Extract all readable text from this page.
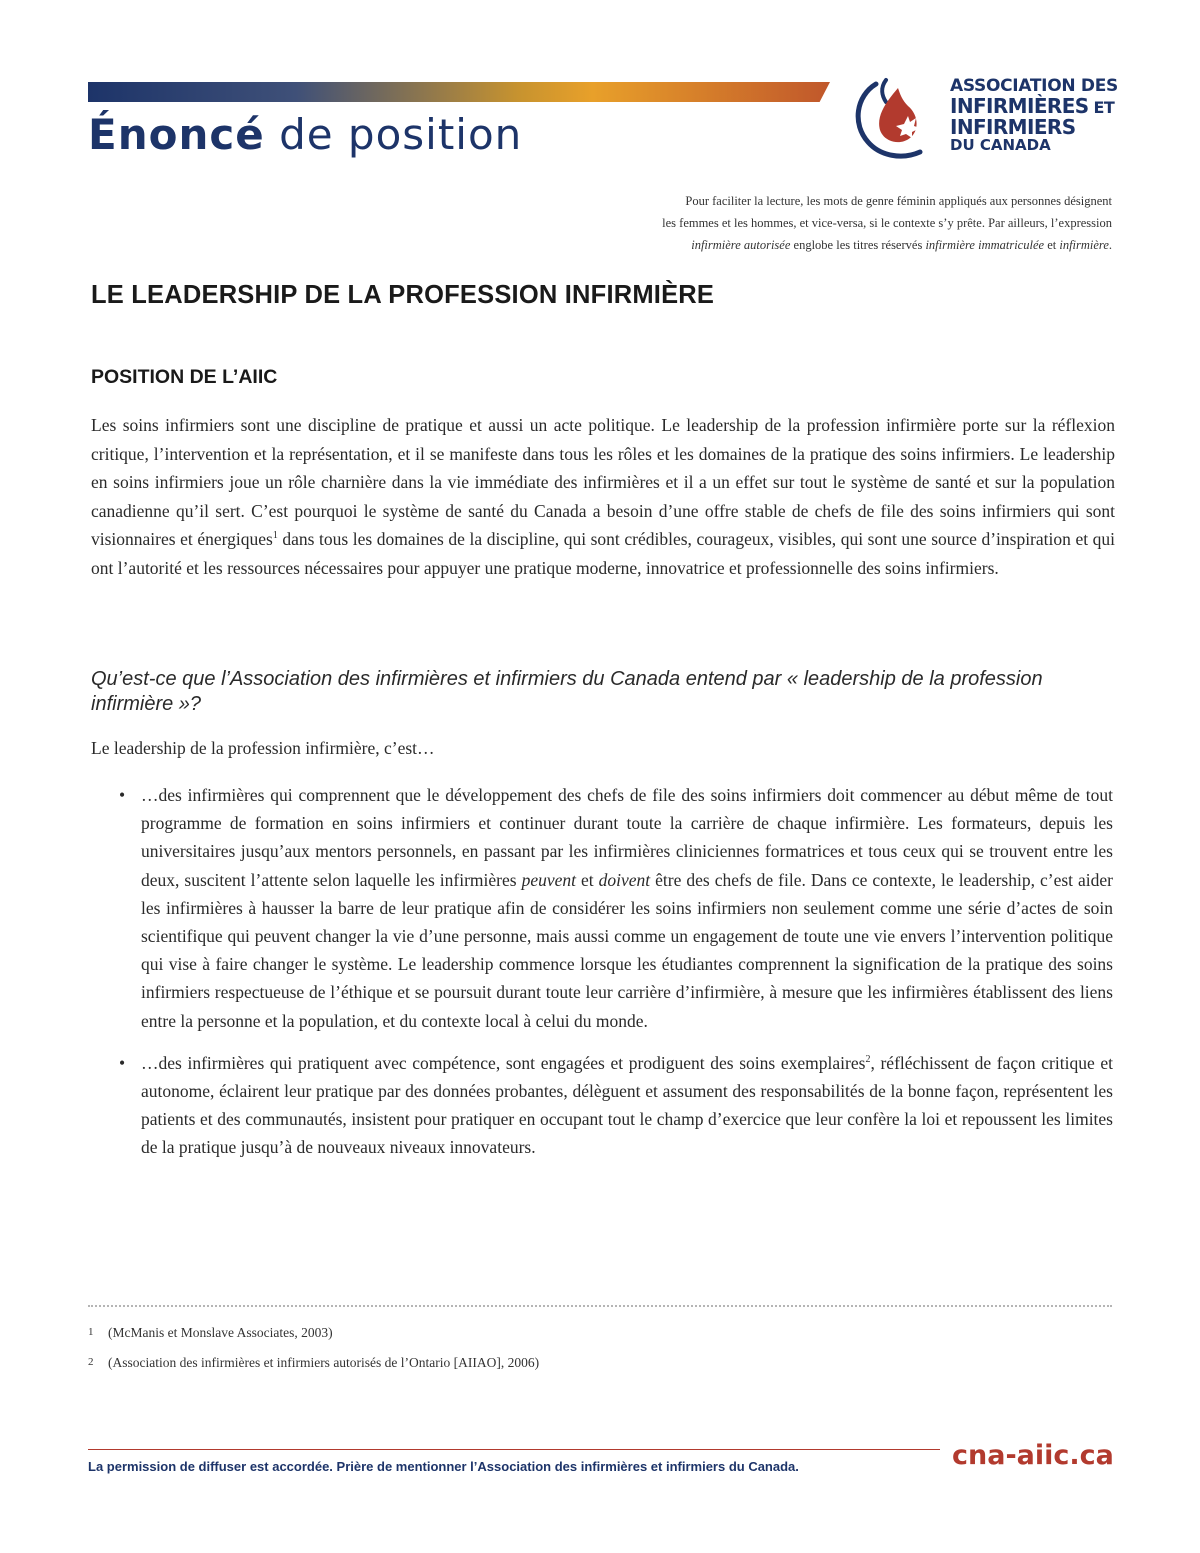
Énoncé de position
ASSOCIATION DES
INFIRMIÈRES ET
INFIRMIERS
DU CANADA
Pour faciliter la lecture, les mots de genre féminin appliqués aux personnes désignent
les femmes et les hommes, et vice-versa, si le contexte s’y prête. Par ailleurs, l’expression
infirmière autorisée englobe les titres réservés infirmière immatriculée et infirmière.
LE LEADERSHIP DE LA PROFESSION INFIRMIÈRE
POSITION DE L’AIIC

Les soins infirmiers sont une discipline de pratique et aussi un acte politique. Le leadership de la profession infirmière porte sur la réflexion critique, l’intervention et la représentation, et il se manifeste dans tous les rôles et les domaines de la pratique des soins infirmiers. Le leadership en soins infirmiers joue un rôle charnière dans la vie immédiate des infirmières et il a un effet sur tout le système de santé et sur la population canadienne qu’il sert. C’est pourquoi le système de santé du Canada a besoin d’une offre stable de chefs de file des soins infirmiers qui sont visionnaires et énergiques$^1$ dans tous les domaines de la discipline, qui sont crédibles, courageux, visibles, qui sont une source d’inspiration et qui ont l’autorité et les ressources nécessaires pour appuyer une pratique moderne, innovatrice et professionnelle des soins infirmiers.

Qu’est-ce que l’Association des infirmières et infirmiers du Canada entend par « leadership de la profession infirmière »?

Le leadership de la profession infirmière, c’est…

• …des infirmières qui comprennent que le développement des chefs de file des soins infirmiers doit commencer au début même de tout programme de formation en soins infirmiers et continuer durant toute la carrière de chaque infirmière. Les formateurs, depuis les universitaires jusqu’aux mentors personnels, en passant par les infirmières cliniciennes formatrices et tous ceux qui se trouvent entre les deux, suscitent l’attente selon laquelle les infirmières peuvent et doivent être des chefs de file. Dans ce contexte, le leadership, c’est aider les infirmières à hausser la barre de leur pratique afin de considérer les soins infirmiers non seulement comme une série d’actes de soin scientifique qui peuvent changer la vie d’une personne, mais aussi comme un engagement de toute une vie envers l’intervention politique qui vise à faire changer le système. Le leadership commence lorsque les étudiantes comprennent la signification de la pratique des soins infirmiers respectueuse de l’éthique et se poursuit durant toute leur carrière d’infirmière, à mesure que les infirmières établissent des liens entre la personne et la population, et du contexte local à celui du monde.
• …des infirmières qui pratiquent avec compétence, sont engagées et prodiguent des soins exemplaires$^2$, réfléchissent de façon critique et autonome, éclairent leur pratique par des données probantes, délèguent et assument des responsabilités de la bonne façon, représentent les patients et des communautés, insistent pour pratiquer en occupant tout le champ d’exercice que leur confère la loi et repoussent les limites de la pratique jusqu’à de nouveaux niveaux innovateurs.
1 (McManis et Monslave Associates, 2003)
2 (Association des infirmières et infirmiers autorisés de l’Ontario [AIIAO], 2006)
La permission de diffuser est accordée. Prière de mentionner l’Association des infirmières et infirmiers du Canada.	cna-aiic.ca
